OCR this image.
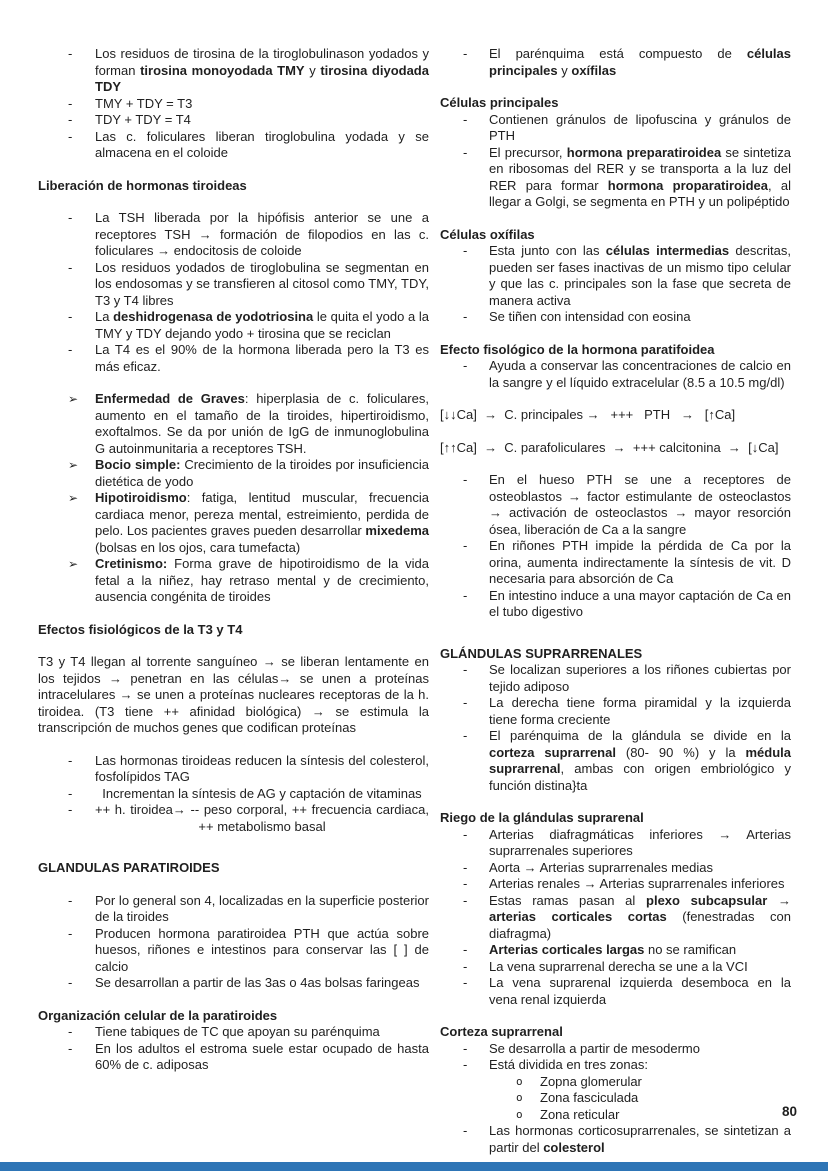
- Los residuos de tirosina de la tiroglobulinason yodados y forman tirosina monoyodada TMY y tirosina diyodada TDY
- TMY + TDY = T3
- TDY + TDY = T4
- Las c. foliculares liberan tiroglobulina yodada y se almacena en el coloide
Liberación de hormonas tiroideas
- La TSH liberada por la hipófisis anterior se une a receptores TSH → formación de filopodios en las c. foliculares → endocitosis de coloide
- Los residuos yodados de tiroglobulina se segmentan en los endosomas y se transfieren al citosol como TMY, TDY, T3 y T4 libres
- La deshidrogenasa de yodotriosina le quita el yodo a la TMY y TDY dejando yodo + tirosina que se reciclan
- La T4 es el 90% de la hormona liberada pero la T3 es más eficaz.
➢ Enfermedad de Graves: hiperplasia de c. foliculares, aumento en el tamaño de la tiroides, hipertiroidismo, exoftalmos. Se da por unión de IgG de inmunoglobulina G autoinmunitaria a receptores TSH.
➢ Bocio simple: Crecimiento de la tiroides por insuficiencia dietética de yodo
➢ Hipotiroidismo: fatiga, lentitud muscular, frecuencia cardiaca menor, pereza mental, estreimiento, perdida de pelo. Los pacientes graves pueden desarrollar mixedema (bolsas en los ojos, cara tumefacta)
➢ Cretinismo: Forma grave de hipotiroidismo de la vida fetal a la niñez, hay retraso mental y de crecimiento, ausencia congénita de tiroides
Efectos fisiológicos de la T3 y T4
T3 y T4 llegan al torrente sanguíneo → se liberan lentamente en los tejidos → penetran en las células→ se unen a proteínas intracelulares → se unen a proteínas nucleares receptoras de la h. tiroidea. (T3 tiene ++ afinidad biológica) → se estimula la transcripción de muchos genes que codifican proteínas
- Las hormonas tiroideas reducen la síntesis del colesterol, fosfolípidos TAG
- Incrementan la síntesis de AG y captación de vitaminas
- ++ h. tiroidea→ -- peso corporal, ++ frecuencia cardiaca, ++ metabolismo basal
GLANDULAS PARATIROIDES
- Por lo general son 4, localizadas en la superficie posterior de la tiroides
- Producen hormona paratiroidea PTH que actúa sobre huesos, riñones e intestinos para conservar las [ ] de calcio
- Se desarrollan a partir de las 3as o 4as bolsas faringeas
Organización celular de la paratiroides
- Tiene tabiques de TC que apoyan su parénquima
- En los adultos el estroma suele estar ocupado de hasta 60% de c. adiposas
- El parénquima está compuesto de células principales y oxífilas
Células principales
- Contienen gránulos de lipofuscina y gránulos de PTH
- El precursor, hormona preparatiroidea se sintetiza en ribosomas del RER y se transporta a la luz del RER para formar hormona proparatiroidea, al llegar a Golgi, se segmenta en PTH y un polipéptido
Células oxífilas
- Esta junto con las células intermedias descritas, pueden ser fases inactivas de un mismo tipo celular y que las c. principales son la fase que secreta de manera activa
- Se tiñen con intensidad con eosina
Efecto fisológico de la hormona paratifoidea
- Ayuda a conservar las concentraciones de calcio en la sangre y el líquido extracelular (8.5 a 10.5 mg/dl)
[↓↓Ca]  →  C. principales →   +++   PTH   →   [↑Ca]
[↑↑Ca]  →  C. parafoliculares  →  +++ calcitonina  →  [↓Ca]
- En el hueso PTH se une a receptores de osteoblastos → factor estimulante de osteoclastos → activación de osteoclastos → mayor resorción ósea, liberación de Ca a la sangre
- En riñones PTH impide la pérdida de Ca por la orina, aumenta indirectamente la síntesis de vit. D necesaria para absorción de Ca
- En intestino induce a una mayor captación de Ca en el tubo digestivo
GLÁNDULAS SUPRARRENALES
- Se localizan superiores a los riñones cubiertas por tejido adiposo
- La derecha tiene forma piramidal y la izquierda tiene forma creciente
- El parénquima de la glándula se divide en la corteza suprarrenal (80- 90 %) y la médula suprarrenal, ambas con origen embriológico y función distina}ta
Riego de la glándulas suprarenal
- Arterias diafragmáticas inferiores → Arterias suprarrenales superiores
- Aorta → Arterias suprarrenales medias
- Arterias renales → Arterias suprarrenales inferiores
- Estas ramas pasan al plexo subcapsular → arterias corticales cortas (fenestradas con diafragma)
- Arterias corticales largas no se ramifican
- La vena suprarrenal derecha se une a la VCI
- La vena suprarenal izquierda desemboca en la vena renal izquierda
Corteza suprarrenal
- Se desarrolla a partir de mesodermo
- Está dividida en tres zonas:
o Zopna glomerular
o Zona fasciculada
o Zona reticular
- Las hormonas corticosuprarrenales, se sintetizan a partir del colesterol
80
